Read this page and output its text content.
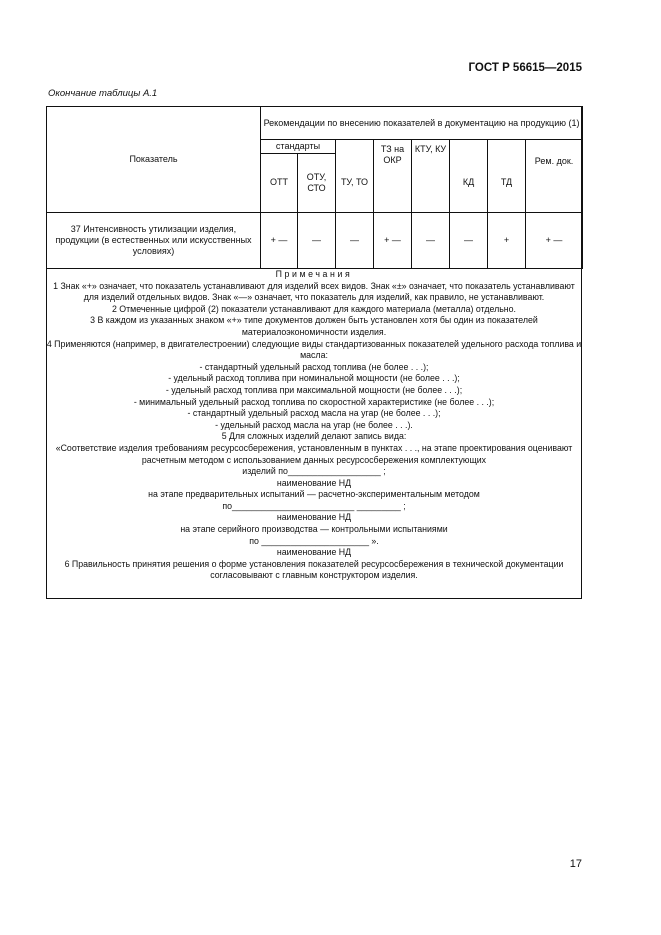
ГОСТ Р 56615—2015
Окончание таблицы А.1
Показатель	Рекомендации по внесению показателей в документацию на продукцию (1)							
	стандарты		ТУ, ТО	ТЗ на ОКР	КТУ, КУ	КД	ТД	Рем. док.
	ОТТ	ОТУ, СТО						
37 Интенсивность утилизации изделия, продукции (в естественных или искусственных условиях)	+ —	—	—	+ —	—	—	+	+ —

Примечания

1 Знак «+» означает, что показатель устанавливают для изделий всех видов. Знак «±» означает, что показатель устанавливают для изделий отдельных видов. Знак «—» означает, что показатель для изделий, как правило, не устанавливают.

2 Отмеченные цифрой (2) показатели устанавливают для каждого материала (металла) отдельно.

3 В каждом из указанных знаком «+» типе документов должен быть установлен хотя бы один из показателей материалоэкономичности изделия.

4 Применяются (например, в двигателестроении) следующие виды стандартизованных показателей удельного расхода топлива и масла:

- стандартный удельный расход топлива (не более . . .);

- удельный расход топлива при номинальной мощности (не более . . .);

- удельный расход топлива при максимальной мощности (не более . . .);

- минимальный удельный расход топлива по скоростной характеристике (не более . . .);

- стандартный удельный расход масла на угар (не более . . .);

- удельный расход масла на угар (не более . . .).

5 Для сложных изделий делают запись вида:

«Соответствие изделия требованиям ресурсосбережения, установленным в пунктах . . ., на этапе проектирования оценивают расчетным методом с использованием данных ресурсосбережения комплектующих

изделий по___________________ ;

наименование НД

на этапе предварительных испытаний — расчетно-экспериментальным методом

по_________________________ _________ ;

наименование НД

на этапе серийного производства — контрольными испытаниями

по ______________________ ».

наименование НД

6 Правильность принятия решения о форме установления показателей ресурсосбережения в технической документации согласовывают с главным конструктором изделия.

17
